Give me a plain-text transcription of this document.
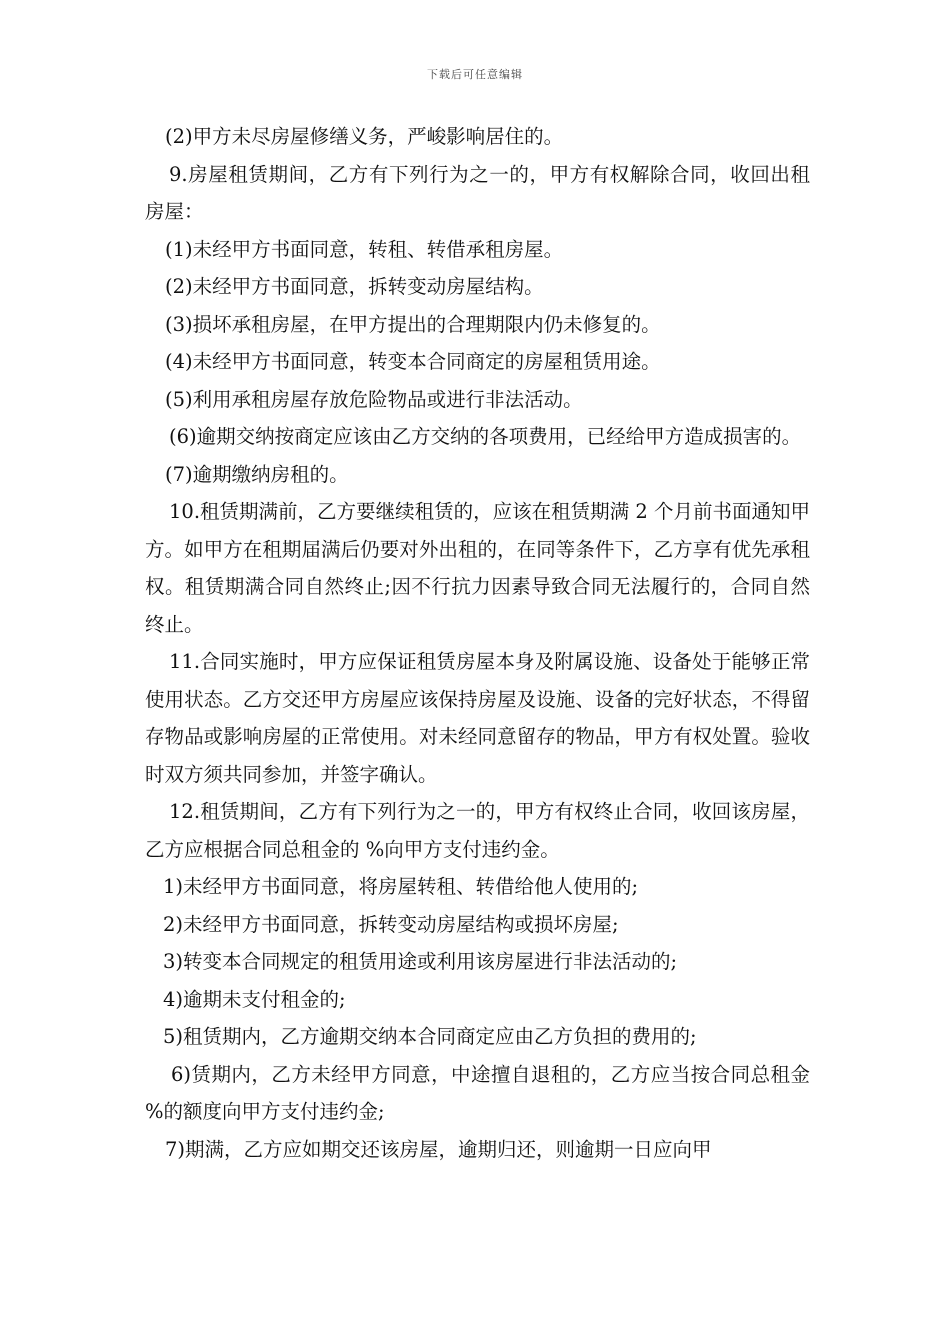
下载后可任意编辑

(2)甲方未尽房屋修缮义务，严峻影响居住的。

9.房屋租赁期间，乙方有下列行为之一的，甲方有权解除合同，收回出租房屋：

(1)未经甲方书面同意，转租、转借承租房屋。

(2)未经甲方书面同意，拆转变动房屋结构。

(3)损坏承租房屋，在甲方提出的合理期限内仍未修复的。

(4)未经甲方书面同意，转变本合同商定的房屋租赁用途。

(5)利用承租房屋存放危险物品或进行非法活动。

(6)逾期交纳按商定应该由乙方交纳的各项费用，已经给甲方造成损害的。

(7)逾期缴纳房租的。

10.租赁期满前，乙方要继续租赁的，应该在租赁期满 2 个月前书面通知甲方。如甲方在租期届满后仍要对外出租的，在同等条件下，乙方享有优先承租权。租赁期满合同自然终止;因不行抗力因素导致合同无法履行的，合同自然终止。

11.合同实施时，甲方应保证租赁房屋本身及附属设施、设备处于能够正常使用状态。乙方交还甲方房屋应该保持房屋及设施、设备的完好状态，不得留存物品或影响房屋的正常使用。对未经同意留存的物品，甲方有权处置。验收时双方须共同参加，并签字确认。

12.租赁期间，乙方有下列行为之一的，甲方有权终止合同，收回该房屋，乙方应根据合同总租金的 %向甲方支付违约金。

1)未经甲方书面同意，将房屋转租、转借给他人使用的;

2)未经甲方书面同意，拆转变动房屋结构或损坏房屋;

3)转变本合同规定的租赁用途或利用该房屋进行非法活动的;

4)逾期未支付租金的;

5)租赁期内，乙方逾期交纳本合同商定应由乙方负担的费用的;

6)赁期内，乙方未经甲方同意，中途擅自退租的，乙方应当按合同总租金 %的额度向甲方支付违约金;

7)期满，乙方应如期交还该房屋，逾期归还，则逾期一日应向甲
